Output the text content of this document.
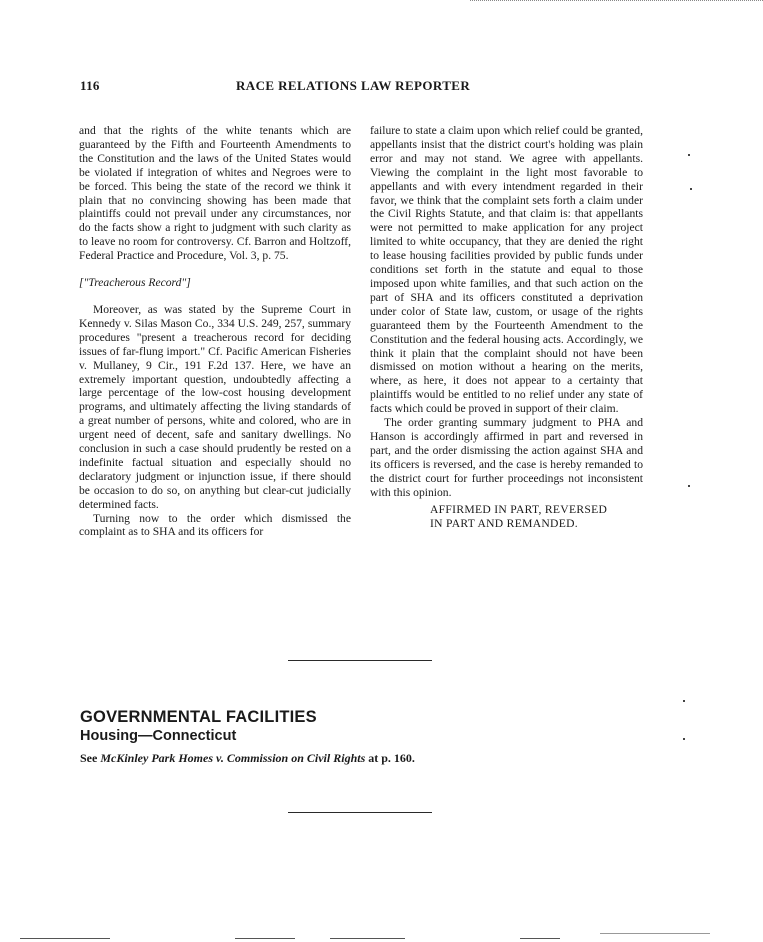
116	RACE RELATIONS LAW REPORTER

and that the rights of the white tenants which are guaranteed by the Fifth and Fourteenth Amendments to the Constitution and the laws of the United States would be violated if integration of whites and Negroes were to be forced. This being the state of the record we think it plain that no convincing showing has been made that plaintiffs could not prevail under any circumstances, nor do the facts show a right to judgment with such clarity as to leave no room for controversy. Cf. Barron and Holtzoff, Federal Practice and Procedure, Vol. 3, p. 75.

["Treacherous Record"]

Moreover, as was stated by the Supreme Court in Kennedy v. Silas Mason Co., 334 U.S. 249, 257, summary procedures "present a treacherous record for deciding issues of far-flung import." Cf. Pacific American Fisheries v. Mullaney, 9 Cir., 191 F.2d 137. Here, we have an extremely important question, undoubtedly affecting a large percentage of the low-cost housing development programs, and ultimately affecting the living standards of a great number of persons, white and colored, who are in urgent need of decent, safe and sanitary dwellings. No conclusion in such a case should prudently be rested on a indefinite factual situation and especially should no declaratory judgment or injunction issue, if there should be occasion to do so, on anything but clear-cut judicially determined facts.

Turning now to the order which dismissed the complaint as to SHA and its officers for

failure to state a claim upon which relief could be granted, appellants insist that the district court's holding was plain error and may not stand. We agree with appellants. Viewing the complaint in the light most favorable to appellants and with every intendment regarded in their favor, we think that the complaint sets forth a claim under the Civil Rights Statute, and that claim is: that appellants were not permitted to make application for any project limited to white occupancy, that they are denied the right to lease housing facilities provided by public funds under conditions set forth in the statute and equal to those imposed upon white families, and that such action on the part of SHA and its officers constituted a deprivation under color of State law, custom, or usage of the rights guaranteed them by the Fourteenth Amendment to the Constitution and the federal housing acts. Accordingly, we think it plain that the complaint should not have been dismissed on motion without a hearing on the merits, where, as here, it does not appear to a certainty that plaintiffs would be entitled to no relief under any state of facts which could be proved in support of their claim.

The order granting summary judgment to PHA and Hanson is accordingly affirmed in part and reversed in part, and the order dismissing the action against SHA and its officers is reversed, and the case is hereby remanded to the district court for further proceedings not inconsistent with this opinion.

AFFIRMED IN PART, REVERSED
IN PART AND REMANDED.
GOVERNMENTAL FACILITIES
Housing—Connecticut
See McKinley Park Homes v. Commission on Civil Rights at p. 160.
